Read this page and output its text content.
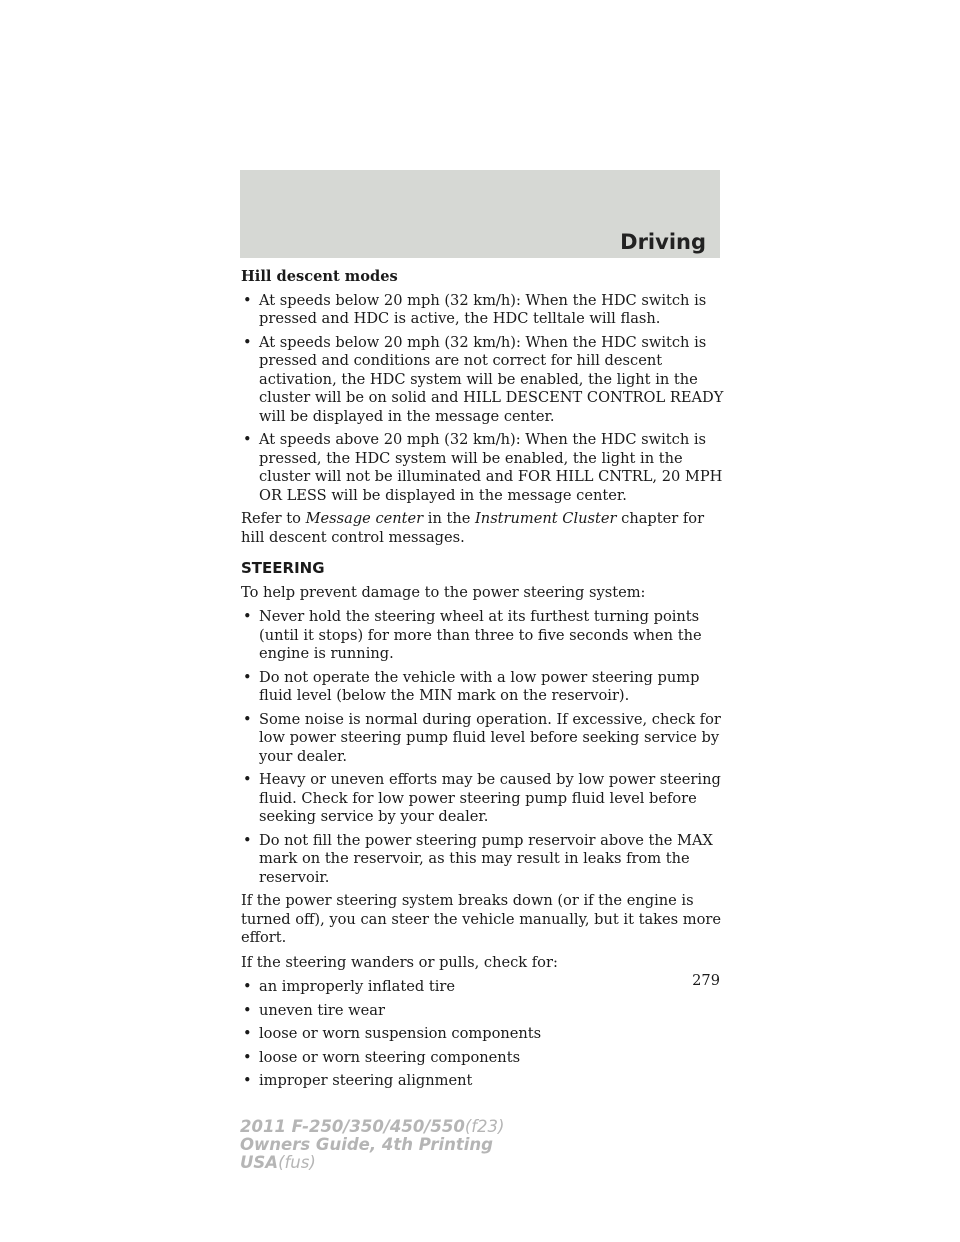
Driving

Hill descent modes

• At speeds below 20 mph (32 km/h): When the HDC switch is pressed and HDC is active, the HDC telltale will flash.
• At speeds below 20 mph (32 km/h): When the HDC switch is pressed and conditions are not correct for hill descent activation, the HDC system will be enabled, the light in the cluster will be on solid and HILL DESCENT CONTROL READY will be displayed in the message center.
• At speeds above 20 mph (32 km/h): When the HDC switch is pressed, the HDC system will be enabled, the light in the cluster will not be illuminated and FOR HILL CNTRL, 20 MPH OR LESS will be displayed in the message center.

Refer to Message center in the Instrument Cluster chapter for hill descent control messages.

STEERING

To help prevent damage to the power steering system:

• Never hold the steering wheel at its furthest turning points (until it stops) for more than three to five seconds when the engine is running.
• Do not operate the vehicle with a low power steering pump fluid level (below the MIN mark on the reservoir).
• Some noise is normal during operation. If excessive, check for low power steering pump fluid level before seeking service by your dealer.
• Heavy or uneven efforts may be caused by low power steering fluid. Check for low power steering pump fluid level before seeking service by your dealer.
• Do not fill the power steering pump reservoir above the MAX mark on the reservoir, as this may result in leaks from the reservoir.

If the power steering system breaks down (or if the engine is turned off), you can steer the vehicle manually, but it takes more effort.

If the steering wanders or pulls, check for:

• an improperly inflated tire
• uneven tire wear
• loose or worn suspension components
• loose or worn steering components
• improper steering alignment
279
2011 F-250/350/450/550(f23)
Owners Guide, 4th Printing
USA(fus)
